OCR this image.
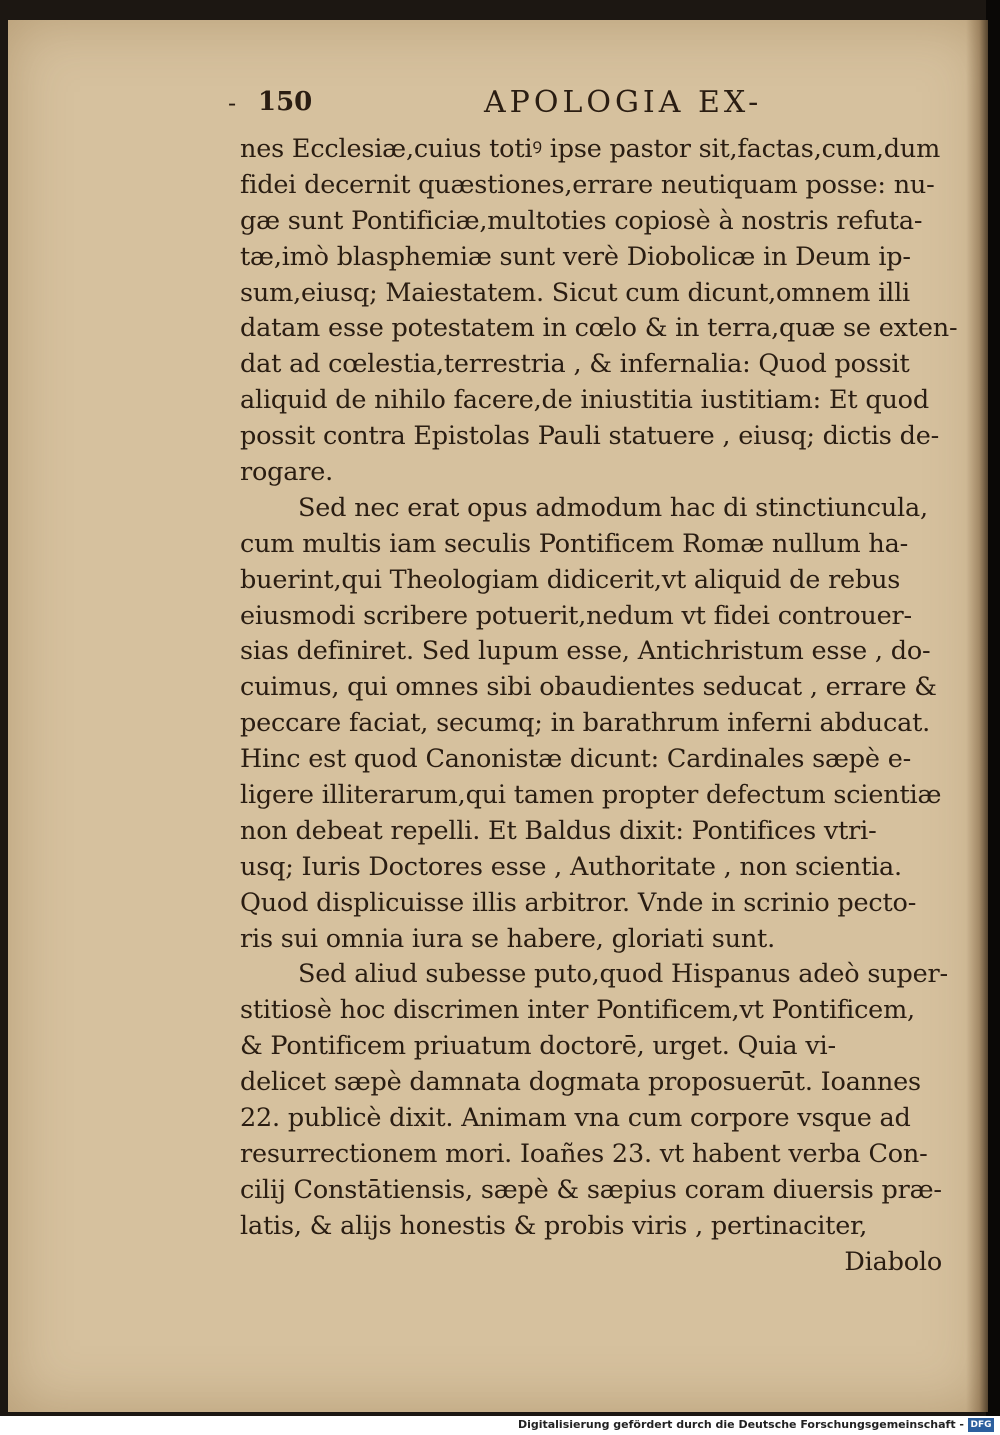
- 150	APOLOGIA EX-
nes Ecclesiæ,cuius totiꝰ ipse pastor sit,factas,cum,dum
fidei decernit quæstiones,errare neutiquam posse: nu-
gæ sunt Pontificiæ,multoties copiosè à nostris refuta-
tæ,imò blasphemiæ sunt verè Diobolicæ in Deum ip-
sum,eiusq; Maiestatem. Sicut cum dicunt,omnem illi
datam esse potestatem in cœlo & in terra,quæ se exten-
dat ad cœlestia,terrestria , & infernalia: Quod possit
aliquid de nihilo facere,de iniustitia iustitiam: Et quod
possit contra Epistolas Pauli statuere , eiusq; dictis de-
rogare.
Sed nec erat opus admodum hac di stinctiuncula,
cum multis iam seculis Pontificem Romæ nullum ha-
buerint,qui Theologiam didicerit,vt aliquid de rebus
eiusmodi scribere potuerit,nedum vt fidei controuer-
sias definiret. Sed lupum esse, Antichristum esse , do-
cuimus, qui omnes sibi obaudientes seducat , errare &
peccare faciat, secumq; in barathrum inferni abducat.
Hinc est quod Canonistæ dicunt: Cardinales sæpè e-
ligere illiterarum,qui tamen propter defectum scientiæ
non debeat repelli. Et Baldus dixit: Pontifices vtri-
usq; Iuris Doctores esse , Authoritate , non scientia.
Quod displicuisse illis arbitror. Vnde in scrinio pecto-
ris sui omnia iura se habere, gloriati sunt.
Sed aliud subesse puto,quod Hispanus adeò super-
stitiosè hoc discrimen inter Pontificem,vt Pontificem,
& Pontificem priuatum doctorē, urget. Quia vi-
delicet sæpè damnata dogmata proposuerūt. Ioannes
22. publicè dixit. Animam vna cum corpore vsque ad
resurrectionem mori. Ioañes 23. vt habent verba Con-
cilij Constātiensis, sæpè & sæpius coram diuersis præ-
latis, & alijs honestis & probis viris , pertinaciter,
Diabolo
Digitalisierung gefördert durch die Deutsche Forschungsgemeinschaft - DFG
